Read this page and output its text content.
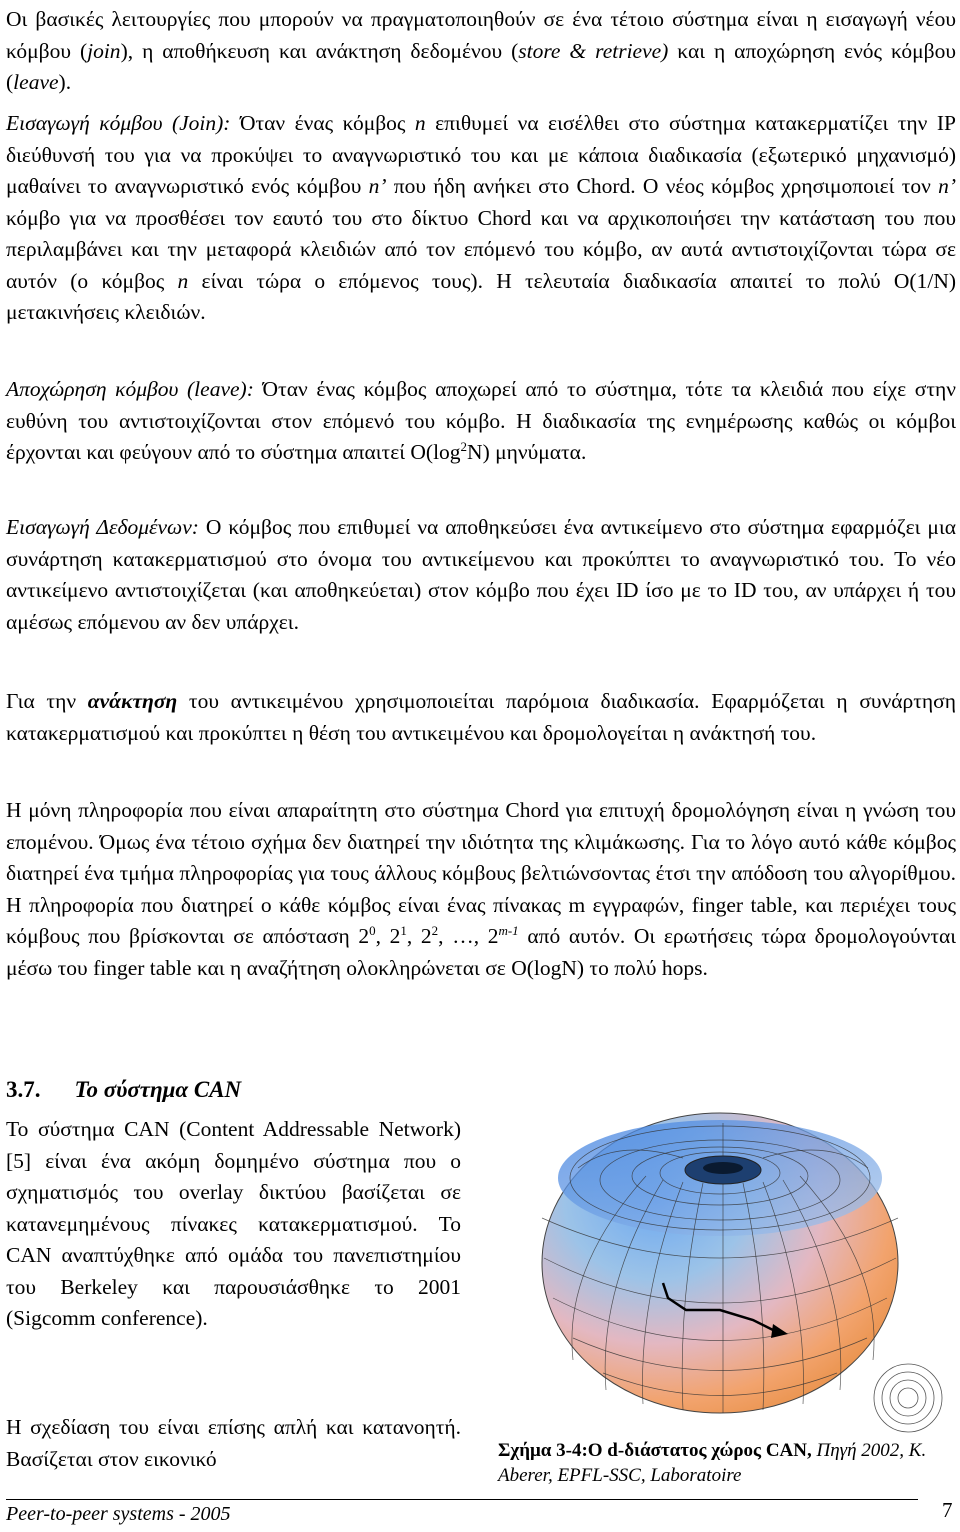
Οι βασικές λειτουργίες που μπορούν να πραγματοποιηθούν σε ένα τέτοιο σύστημα είναι η εισαγωγή νέου κόμβου (join), η αποθήκευση και ανάκτηση δεδομένου (store & retrieve) και η αποχώρηση ενός κόμβου (leave).

Εισαγωγή κόμβου (Join): Όταν ένας κόμβος n επιθυμεί να εισέλθει στο σύστημα κατακερματίζει την IP διεύθυνσή του για να προκύψει το αναγνωριστικό του και με κάποια διαδικασία (εξωτερικό μηχανισμό) μαθαίνει το αναγνωριστικό ενός κόμβου n’ που ήδη ανήκει στο Chord. Ο νέος κόμβος χρησιμοποιεί τον n’ κόμβο για να προσθέσει τον εαυτό του στο δίκτυο Chord και να αρχικοποιήσει την κατάσταση του που περιλαμβάνει και την μεταφορά κλειδιών από τον επόμενό του κόμβο, αν αυτά αντιστοιχίζονται τώρα σε αυτόν (ο κόμβος n είναι τώρα ο επόμενος τους). Η τελευταία διαδικασία απαιτεί το πολύ O(1/N) μετακινήσεις κλειδιών.

Αποχώρηση κόμβου (leave): Όταν ένας κόμβος αποχωρεί από το σύστημα, τότε τα κλειδιά που είχε στην ευθύνη του αντιστοιχίζονται στον επόμενό του κόμβο. Η διαδικασία της ενημέρωσης καθώς οι κόμβοι έρχονται και φεύγουν από το σύστημα απαιτεί $O(\log^2N)$ μηνύματα.

Εισαγωγή Δεδομένων: Ο κόμβος που επιθυμεί να αποθηκεύσει ένα αντικείμενο στο σύστημα εφαρμόζει μια συνάρτηση κατακερματισμού στο όνομα του αντικείμενου και προκύπτει το αναγνωριστικό του. Το νέο αντικείμενο αντιστοιχίζεται (και αποθηκεύεται) στον κόμβο που έχει ID ίσο με το ID του, αν υπάρχει ή του αμέσως επόμενου αν δεν υπάρχει.

Για την ανάκτηση του αντικειμένου χρησιμοποιείται παρόμοια διαδικασία. Εφαρμόζεται η συνάρτηση κατακερματισμού και προκύπτει η θέση του αντικειμένου και δρομολογείται η ανάκτησή του.

Η μόνη πληροφορία που είναι απαραίτητη στο σύστημα Chord για επιτυχή δρομολόγηση είναι η γνώση του επομένου. Όμως ένα τέτοιο σχήμα δεν διατηρεί την ιδιότητα της κλιμάκωσης. Για το λόγο αυτό κάθε κόμβος διατηρεί ένα τμήμα πληροφορίας για τους άλλους κόμβους βελτιώνσοντας έτσι την απόδοση του αλγορίθμου. Η πληροφορία που διατηρεί ο κάθε κόμβος είναι ένας πίνακας m εγγραφών, finger table, και περιέχει τους κόμβους που βρίσκονται σε απόσταση $2^0$, $2^1$, $2^2$, …, 2$^{m-1}$ από αυτόν. Οι ερωτήσεις τώρα δρομολογούνται μέσω του finger table και η αναζήτηση ολοκληρώνεται σε O(logN) το πολύ hops.

3.7. Το σύστημα CAN

Το σύστημα CAN (Content Addressable Network) [5] είναι ένα ακόμη δομημένο σύστημα που ο σχηματισμός του overlay δικτύου βασίζεται σε κατανεμημένους πίνακες κατακερματισμού. Το CAN αναπτύχθηκε από ομάδα του πανεπιστημίου του Berkeley και παρουσιάσθηκε το 2001 (Sigcomm conference).

Η σχεδίαση του είναι επίσης απλή και κατανοητή. Βασίζεται στον εικονικό	Σχήμα 3-4:Ο d-διάστατος χώρος CAN, Πηγή 2002, K. Aberer, EPFL-SSC, Laboratoire

Peer-to-peer systems - 2005	7
